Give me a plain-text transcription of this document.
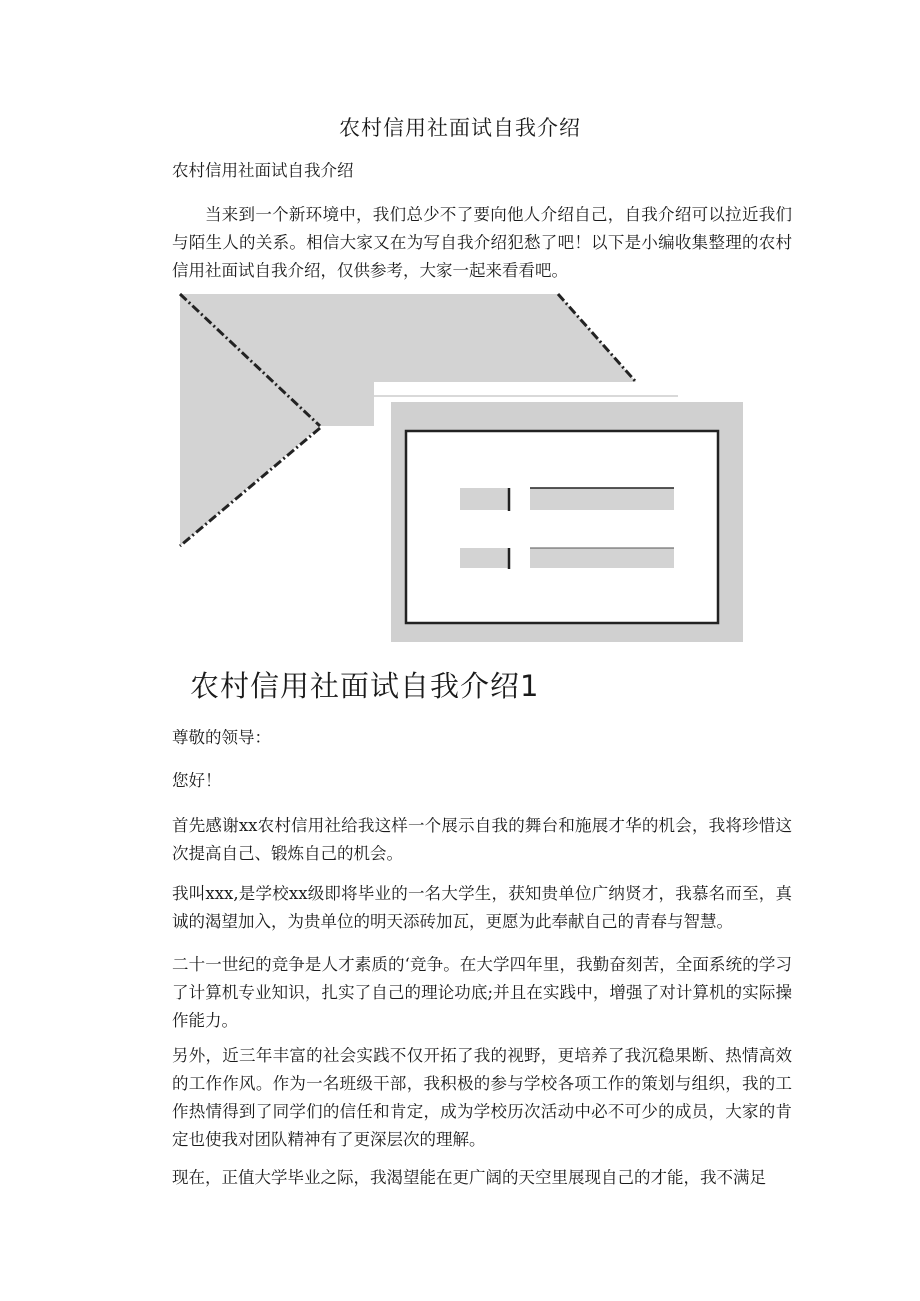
农村信用社面试自我介绍

农村信用社面试自我介绍

当来到一个新环境中，我们总少不了要向他人介绍自己，自我介绍可以拉近我们与陌生人的关系。相信大家又在为写自我介绍犯愁了吧！以下是小编收集整理的农村信用社面试自我介绍，仅供参考，大家一起来看看吧。

农村信用社面试自我介绍1

尊敬的领导：

您好！

首先感谢xx农村信用社给我这样一个展示自我的舞台和施展才华的机会，我将珍惜这次提高自己、锻炼自己的机会。

我叫xxx,是学校xx级即将毕业的一名大学生，获知贵单位广纳贤才，我慕名而至，真诚的渴望加入，为贵单位的明天添砖加瓦，更愿为此奉献自己的青春与智慧。

二十一世纪的竞争是人才素质的‘竞争。在大学四年里，我勤奋刻苦，全面系统的学习了计算机专业知识，扎实了自己的理论功底;并且在实践中，增强了对计算机的实际操作能力。

另外，近三年丰富的社会实践不仅开拓了我的视野，更培养了我沉稳果断、热情高效的工作作风。作为一名班级干部，我积极的参与学校各项工作的策划与组织，我的工作热情得到了同学们的信任和肯定，成为学校历次活动中必不可少的成员，大家的肯定也使我对团队精神有了更深层次的理解。

现在，正值大学毕业之际，我渴望能在更广阔的天空里展现自己的才能，我不满足
